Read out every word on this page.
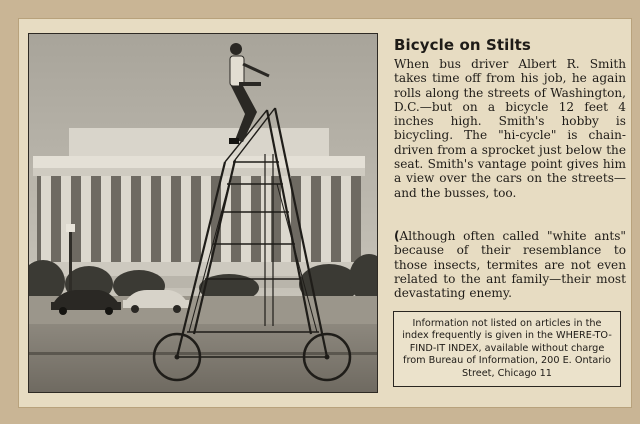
Bicycle on Stilts
When bus driver Albert R. Smith takes time off from his job, he again rolls along the streets of Washington, D.C.—but on a bicycle 12 feet 4 inches high. Smith's hobby is bicycling. The "hi-cycle" is chain-driven from a sprocket just below the seat. Smith's vantage point gives him a view over the cars on the streets—and the busses, too.
(Although often called "white ants" because of their resemblance to those insects, termites are not even related to the ant family—their most devastating enemy.
Information not listed on articles in the index frequently is given in the WHERE-TO-FIND-IT INDEX, available without charge from Bureau of Information, 200 E. Ontario Street, Chicago 11
